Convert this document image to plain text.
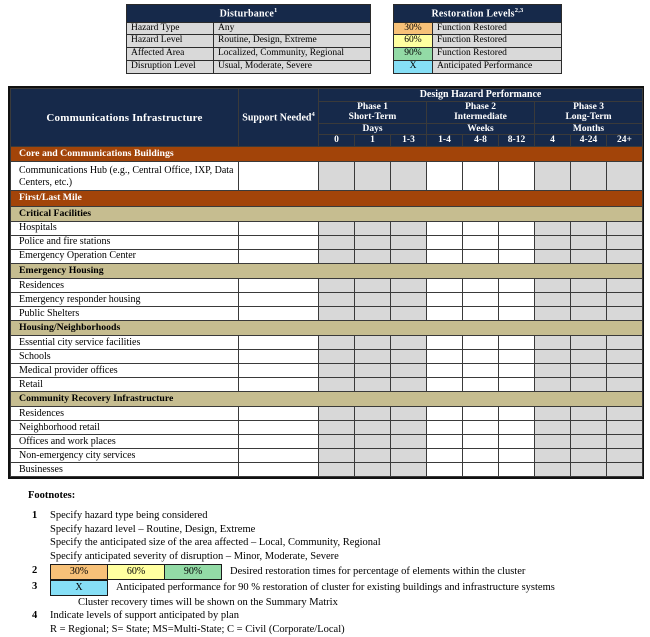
Disturbance$^1$
Hazard Type	Any
Hazard Level	Routine, Design, Extreme
Affected Area	Localized, Community, Regional
Disruption Level	Usual, Moderate, Severe
Restoration Levels$^{2,3}$
30%	Function Restored
60%	Function Restored
90%	Function Restored
X	Anticipated Performance
Communications Infrastructure	Support Needed$^4$	Design Hazard Performance								

Phase 1
Short-Term

Phase 2
Intermediate

Phase 3
Long-Term

		Days			Weeks			Months		
		0	1	1-3	1-4	4-8	8-12	4	4-24	24+
Core and Communications Buildings										
Communications Hub (e.g., Central Office, IXP, Data Centers, etc.)										
First/Last Mile										
Critical Facilities										
Hospitals										
Police and fire stations										
Emergency Operation Center										
Emergency Housing										
Residences										
Emergency responder housing										
Public Shelters										
Housing/Neighborhoods										
Essential city service facilities										
Schools										
Medical provider offices										
Retail										
Community Recovery Infrastructure										
Residences										
Neighborhood retail										
Offices and work places										
Non-emergency city services										
Businesses										
Footnotes:
1	Specify hazard type being considered
Specify hazard level – Routine, Design, Extreme
Specify the anticipated size of the area affected – Local, Community, Regional
Specify anticipated severity of disruption – Minor, Moderate, Severe
2	30%	60%	90%	Desired restoration times for percentage of elements within the cluster
3	X	Anticipated performance for 90 % restoration of cluster for existing buildings and infrastructure systems
Cluster recovery times will be shown on the Summary Matrix
4	Indicate levels of support anticipated by plan
R = Regional; S= State; MS=Multi-State; C = Civil (Corporate/Local)
